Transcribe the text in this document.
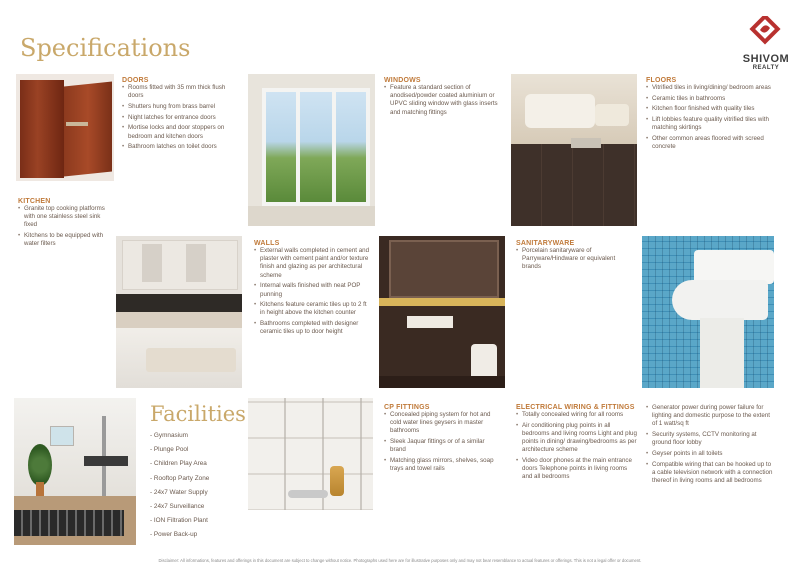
Specifications	SHIVOM
REALTY
DOORS
• Rooms fitted with 35 mm thick flush doors
• Shutters hung from brass barrel
• Night latches for entrance doors
• Mortise locks and door stoppers on bedroom and kitchen doors
• Bathroom latches on toilet doors
WINDOWS
• Feature a standard section of anodised/powder coated aluminium or UPVC sliding window with glass inserts and matching fittings
FLOORS
• Vitrified tiles in living/dining/ bedroom areas
• Ceramic tiles in bathrooms
• Kitchen floor finished with quality tiles
• Lift lobbies feature quality vitrified tiles with matching skirtings
• Other common areas floored with screed concrete
KITCHEN
• Granite top cooking platforms with one stainless steel sink fixed
• Kitchens to be equipped with water filters	WALLS
• External walls completed in cement and plaster with cement paint and/or texture finish and glazing as per architectural scheme
• Internal walls finished with neat POP punning
• Kitchens feature ceramic tiles up to 2 ft in height above the kitchen counter
• Bathrooms completed with designer ceramic tiles up to door height
SANITARYWARE
• Porcelain sanitaryware of Parryware/Hindware or equivalent brands
Facilities
- Gymnasium
- Plunge Pool
- Children Play Area
- Rooftop Party Zone
- 24x7 Water Supply
- 24x7 Surveillance
- ION Filtration Plant
- Power Back-up
CP FITTINGS
• Concealed piping system for hot and cold water lines geysers in master bathrooms
• Sleek Jaquar fittings or of a similar brand
• Matching glass mirrors, shelves, soap trays and towel rails
ELECTRICAL WIRING & FITTINGS
• Totally concealed wiring for all rooms
• Air conditioning plug points in all bedrooms and living rooms Light and plug points in dining/ drawing/bedrooms as per architecture scheme
• Video door phones at the main entrance doors Telephone points in living rooms and all bedrooms
• Generator power during power failure for lighting and domestic purpose to the extent of 1 watt/sq ft
• Security systems, CCTV monitoring at ground floor lobby
• Geyser points in all toilets
• Compatible wiring that can be hooked up to a cable television network with a connection thereof in living rooms and all bedrooms
Disclaimer: All informations, features and offerings in this document are subject to change without notice. Photographs used here are for illustrative purposes only and may not bear resemblance to actual features or offerings. This is not a legal offer or document.
